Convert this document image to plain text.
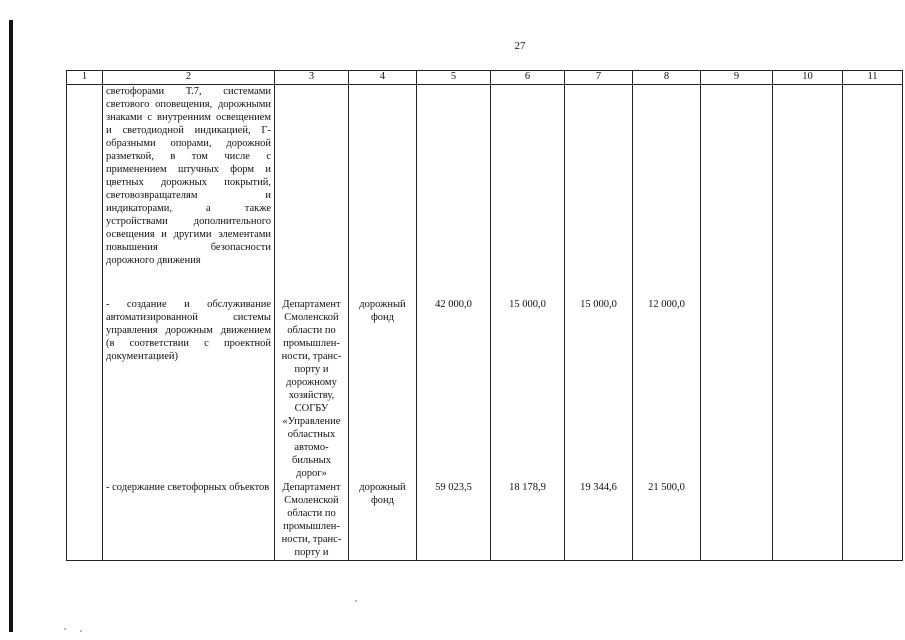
27
1	2	3	4	5	6	7	8	9	10	11
	светофорами Т.7, системами светового оповещения, дорожными знаками с внутренним освещением и светодиодной индикацией, Г-образными опорами, дорожной разметкой, в том числе с применением штучных форм и цветных дорожных покрытий, световозвращателям и индикаторами, а также устройствами дополнительного освещения и другими элементами повышения безопасности дорожного движения									
	- создание и обслуживание автоматизированной системы управления дорожным движением (в соответствии с проектной документацией)	Департамент Смоленской области по промышлен-ности, транс-порту и дорожному хозяйству, СОГБУ «Управление областных автомо-бильных дорог»	дорожный фонд	42 000,0	15 000,0	15 000,0	12 000,0			
	- содержание светофорных объектов	Департамент Смоленской области по промышлен-ности, транс-порту и	дорожный фонд	59 023,5	18 178,9	19 344,6	21 500,0			
